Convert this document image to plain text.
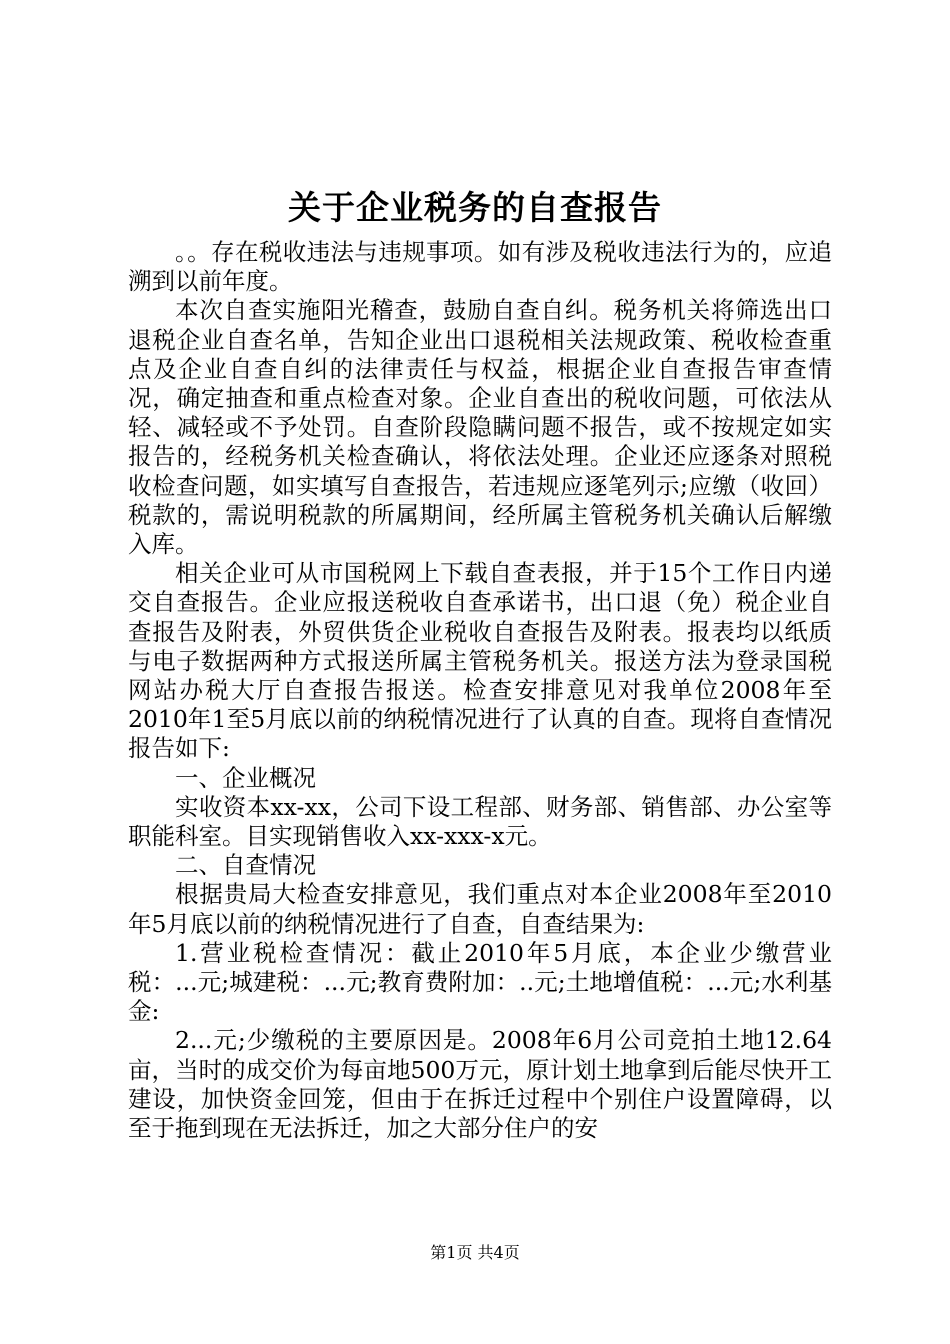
关于企业税务的自查报告

。。存在税收违法与违规事项。如有涉及税收违法行为的，应追溯到以前年度。

本次自查实施阳光稽查，鼓励自查自纠。税务机关将筛选出口退税企业自查名单，告知企业出口退税相关法规政策、税收检查重点及企业自查自纠的法律责任与权益，根据企业自查报告审查情况，确定抽查和重点检查对象。企业自查出的税收问题，可依法从轻、减轻或不予处罚。自查阶段隐瞒问题不报告，或不按规定如实报告的，经税务机关检查确认，将依法处理。企业还应逐条对照税收检查问题，如实填写自查报告，若违规应逐笔列示;应缴（收回）税款的，需说明税款的所属期间，经所属主管税务机关确认后解缴入库。

相关企业可从市国税网上下载自查表报，并于15个工作日内递交自查报告。企业应报送税收自查承诺书，出口退（免）税企业自查报告及附表，外贸供货企业税收自查报告及附表。报表均以纸质与电子数据两种方式报送所属主管税务机关。报送方法为登录国税网站办税大厅自查报告报送。检查安排意见对我单位2008年至2010年1至5月底以前的纳税情况进行了认真的自查。现将自查情况报告如下:

一、企业概况

实收资本xx-xx，公司下设工程部、财务部、销售部、办公室等职能科室。目实现销售收入xx-xxx-x元。

二、自查情况

根据贵局大检查安排意见，我们重点对本企业2008年至2010年5月底以前的纳税情况进行了自查，自查结果为:

1.营业税检查情况：截止2010年5月底，本企业少缴营业税：...元;城建税：...元;教育费附加：..元;土地增值税：...元;水利基金:

2...元;少缴税的主要原因是。2008年6月公司竞拍土地12.64亩，当时的成交价为每亩地500万元，原计划土地拿到后能尽快开工建设，加快资金回笼，但由于在拆迁过程中个别住户设置障碍，以至于拖到现在无法拆迁，加之大部分住户的安

第1页 共4页
